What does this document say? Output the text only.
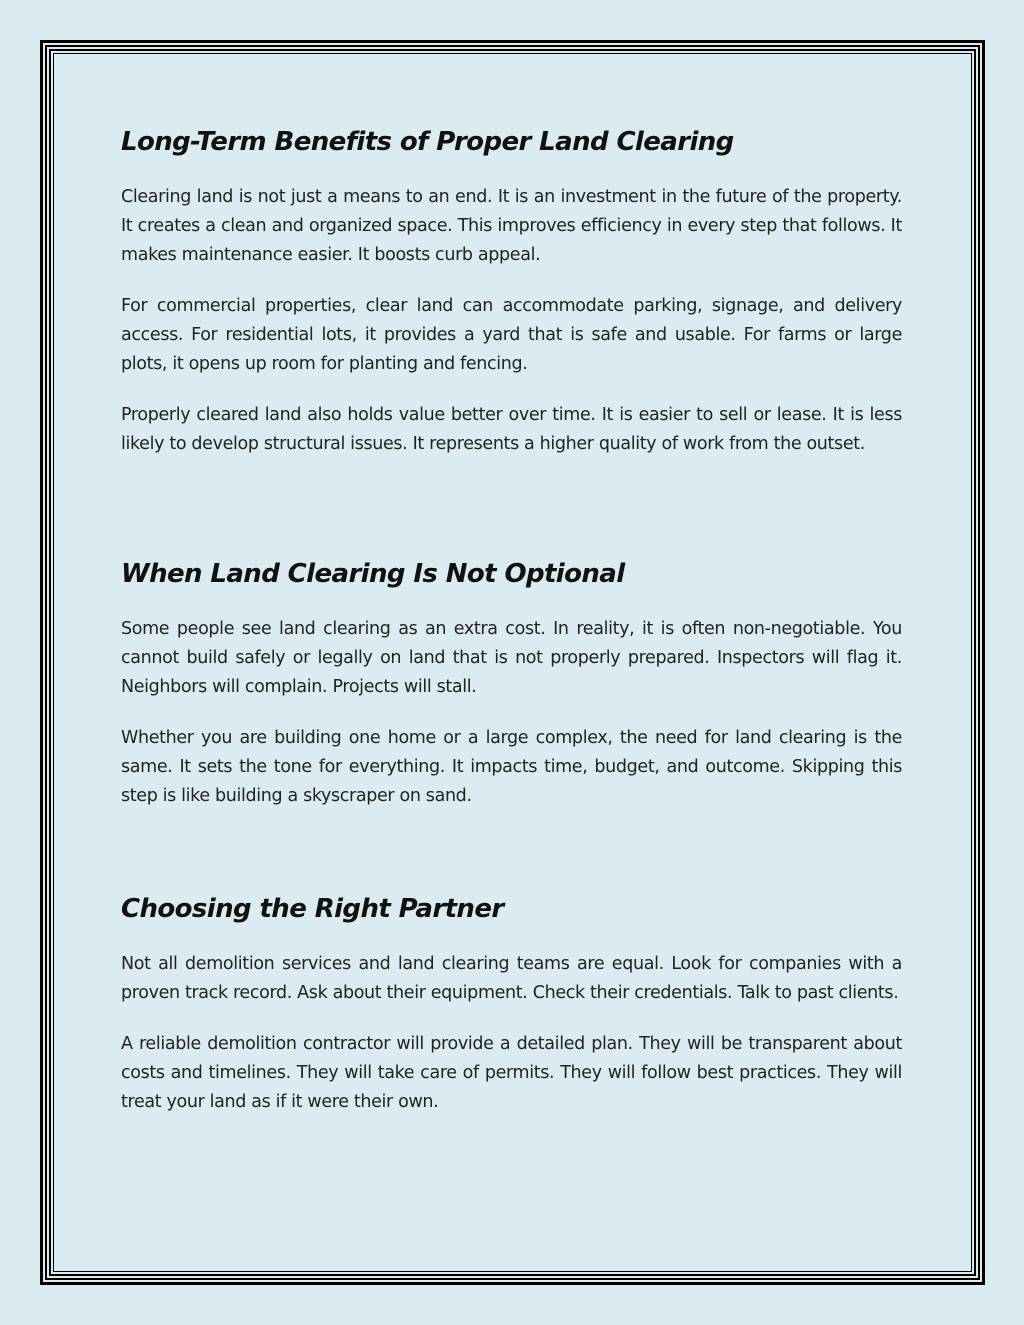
Long-Term Benefits of Proper Land Clearing

Clearing land is not just a means to an end. It is an investment in the future of the property. It creates a clean and organized space. This improves efficiency in every step that follows. It makes maintenance easier. It boosts curb appeal.

For commercial properties, clear land can accommodate parking, signage, and delivery access. For residential lots, it provides a yard that is safe and usable. For farms or large plots, it opens up room for planting and fencing.

Properly cleared land also holds value better over time. It is easier to sell or lease. It is less likely to develop structural issues. It represents a higher quality of work from the outset.

When Land Clearing Is Not Optional

Some people see land clearing as an extra cost. In reality, it is often non-negotiable. You cannot build safely or legally on land that is not properly prepared. Inspectors will flag it. Neighbors will complain. Projects will stall.

Whether you are building one home or a large complex, the need for land clearing is the same. It sets the tone for everything. It impacts time, budget, and outcome. Skipping this step is like building a skyscraper on sand.

Choosing the Right Partner

Not all demolition services and land clearing teams are equal. Look for companies with a proven track record. Ask about their equipment. Check their credentials. Talk to past clients.

A reliable demolition contractor will provide a detailed plan. They will be transparent about costs and timelines. They will take care of permits. They will follow best practices. They will treat your land as if it were their own.
